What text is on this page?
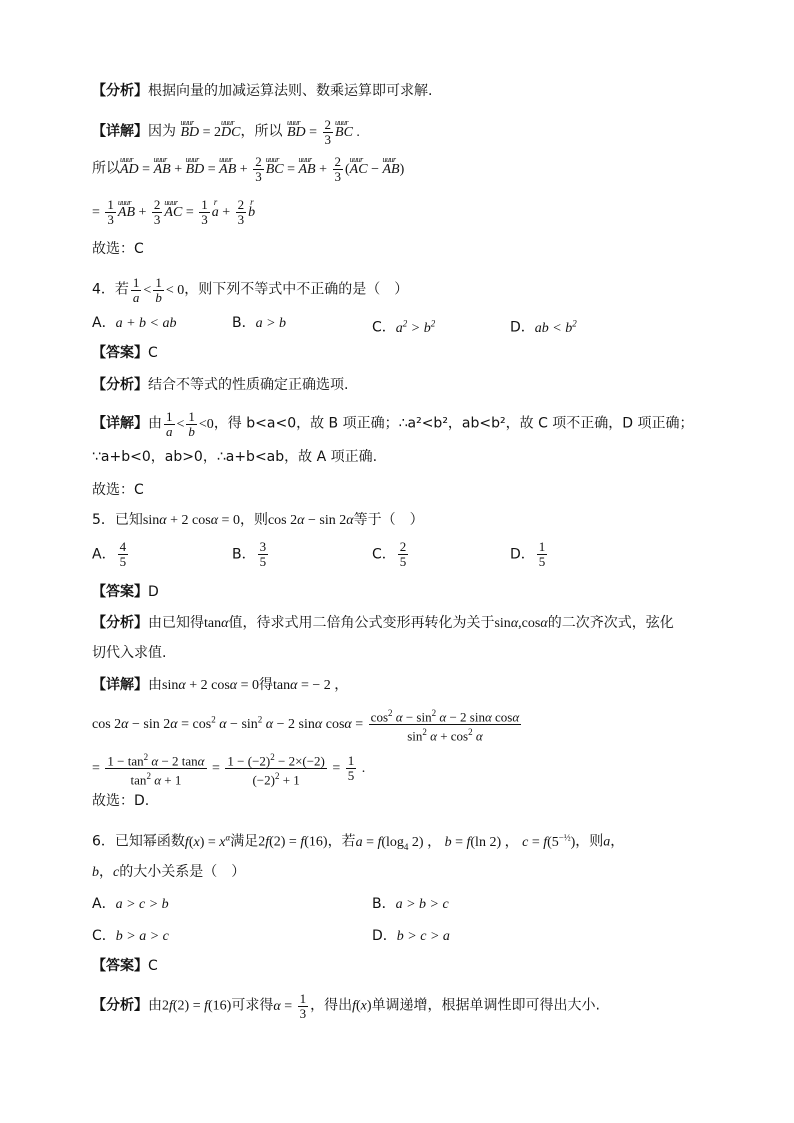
【分析】根据向量的加减运算法则、数乘运算即可求解.
【详解】因为 uuur BD = 2uuur DC，所以 uuur BD = $\frac{2}{3}$ uuur BC .
所以uuur AD = uuur AB + uuur BD = uuur AB + $\frac{2}{3}$ uuur BC = uuur AB + $\frac{2}{3}$ (uuur AC − uuur AB)
= $\frac{1}{3}$ uuur AB + $\frac{2}{3}$ uuur AC = $\frac{1}{3}$ r $a + \frac{2}{3}$ r b
故选：C
4．若 $\frac{1}{a} < \frac{1}{b} < 0$，则下列不等式中不正确的是（　）
A．a + b < ab	B．a > b	C．$a^2 > b^2$	D．ab < $b^2$
【答案】C
【分析】结合不等式的性质确定正确选项.
【详解】由 $\frac{1}{a} < \frac{1}{b} <0$，得 b<a<0，故 B 项正确；∴a²<b²，ab<b²，故 C 项不正确，D 项正确；
∵a+b<0，ab>0，∴a+b<ab，故 A 项正确.
故选：C
5．已知sinα + 2 cosα = 0，则cos 2α − sin 2α等于（　）
A． $\frac{4}{5}$	B． $\frac{3}{5}$	C． $\frac{2}{5}$	D． $\frac{1}{5}$
【答案】D
【分析】由已知得tanα值，待求式用二倍角公式变形再转化为关于sinα,cosα的二次齐次式，弦化
切代入求值.
【详解】由sinα + 2 cosα = 0得tanα = − 2 ，
$\cos 2\alpha - \sin 2\alpha = \cos^2 \alpha - \sin^2 \alpha - 2$ sinα $\cos\alpha = \frac{\cos^2 \alpha - \sin^2 \alpha - 2 \sin\alpha \cos\alpha}{\sin^2 \alpha + \cos^2 \alpha}$
= $\frac{1 - \tan^2 \alpha - 2 \tan\alpha}{\tan^2 \alpha + 1} = \frac{1 - (-2)^2 - 2\times(-2)}{(-2)^2 + 1} = \frac{1}{5}$ .
故选：D.
6．已知幂函数$f(x) = x^\alpha$满足2f(2) = f(16)，若$a = f(\log_4$ 2) ， b = f(ln 2) ， $c = f(5^{-\frac{1}{2}})$，则a，
b，c的大小关系是（　）
A．a > c > b	B．a > b > c
C．b > a > c	D．b > c > a
【答案】C
【分析】由2f(2) = f(16)可求得$\alpha = \frac{1}{3}$ ，得出f(x)单调递增，根据单调性即可得出大小.
